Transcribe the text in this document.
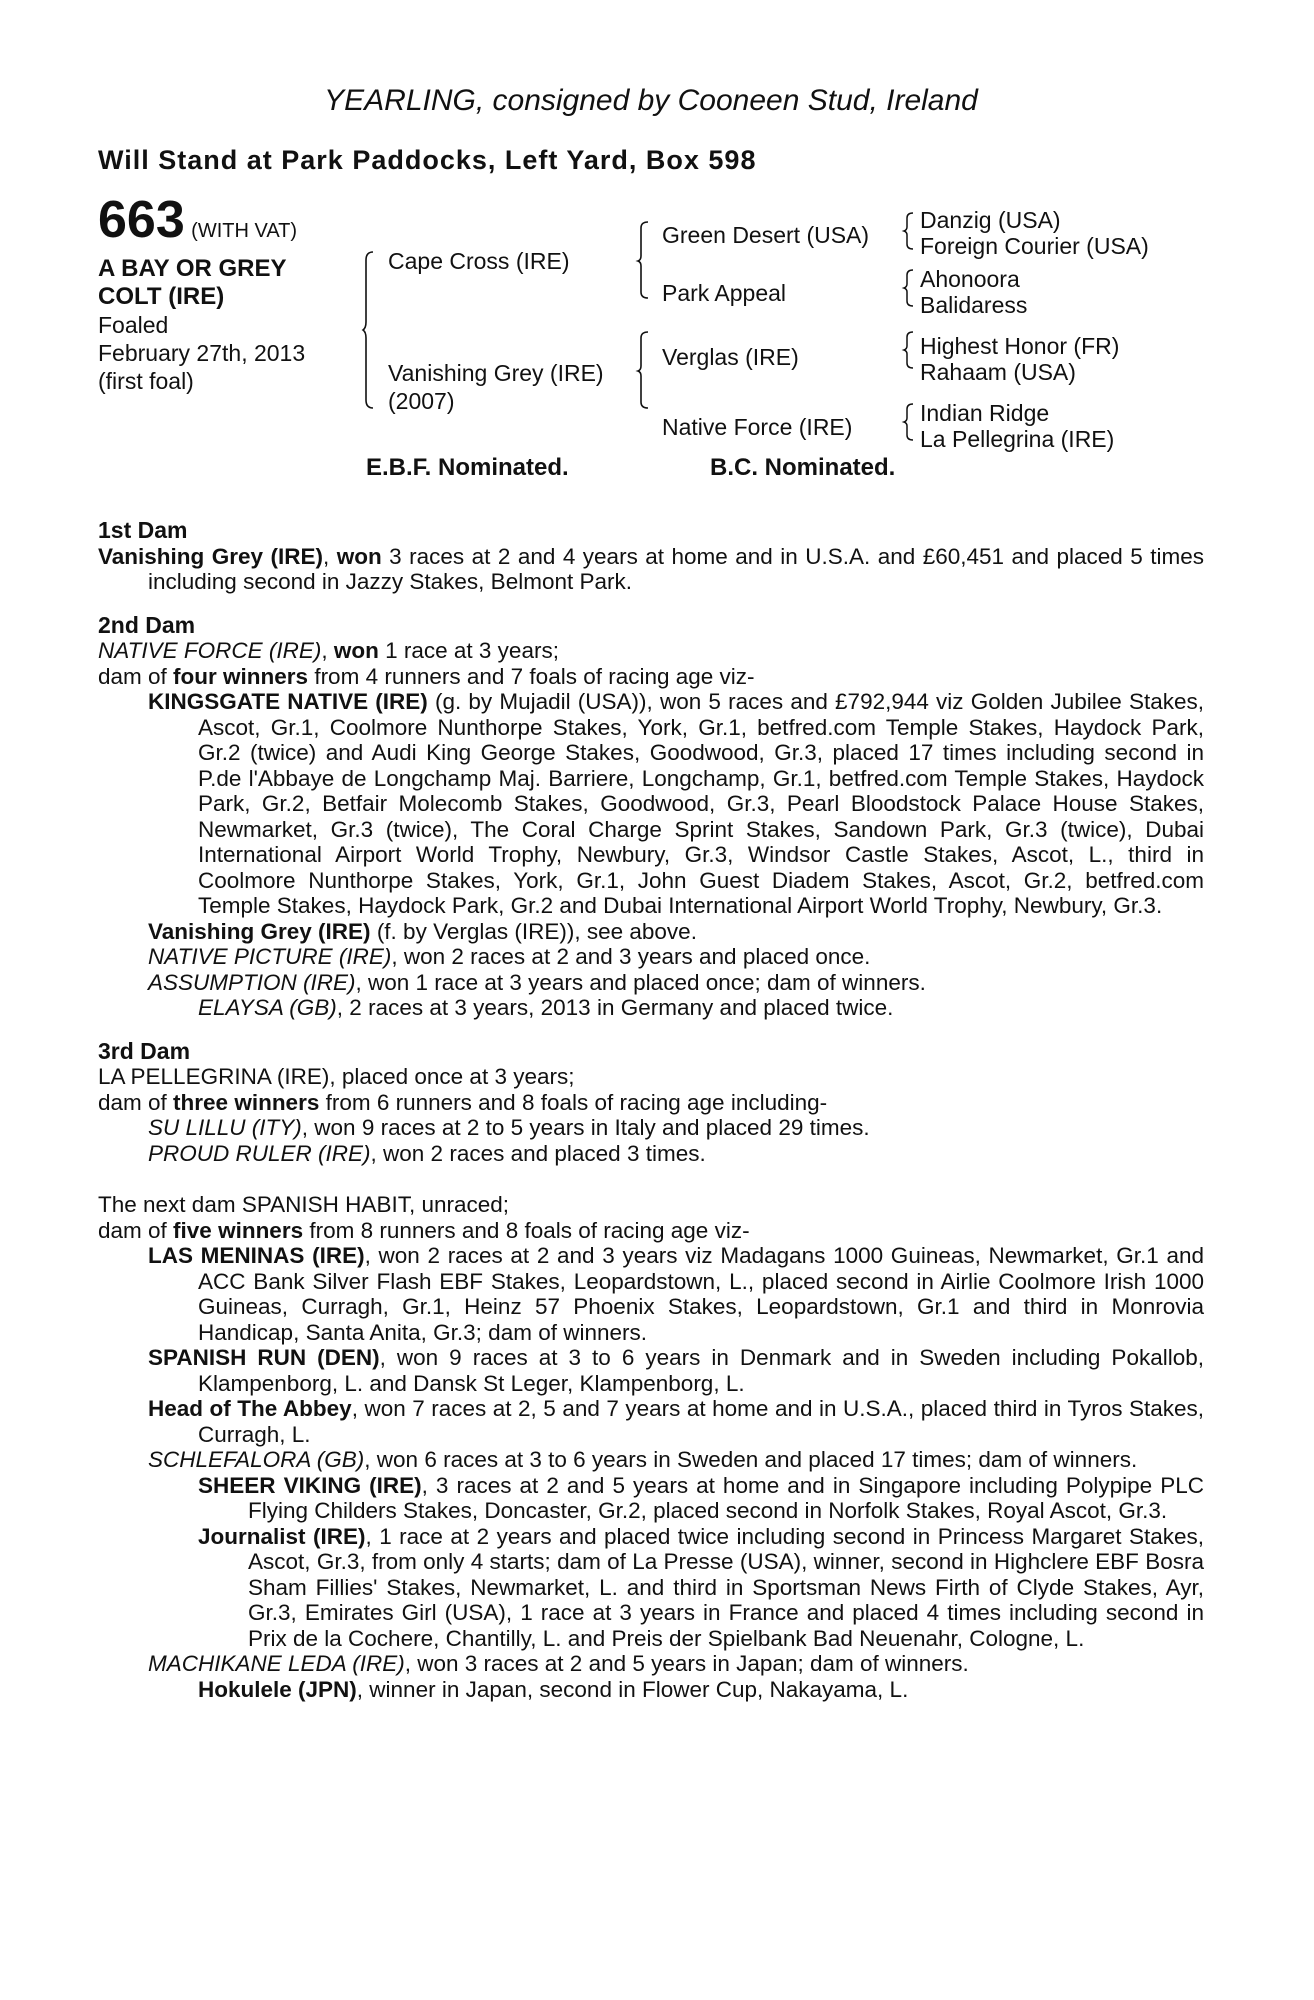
YEARLING, consigned by Cooneen Stud, Ireland
Will Stand at Park Paddocks, Left Yard, Box 598
663 (WITH VAT)
A BAY OR GREY
COLT (IRE)
Foaled
February 27th, 2013
(first foal)
Cape Cross (IRE)
Vanishing Grey (IRE)
(2007)
Green Desert (USA)
Park Appeal
Verglas (IRE)
Native Force (IRE)
Danzig (USA)
Foreign Courier (USA)
Ahonoora
Balidaress
Highest Honor (FR)
Rahaam (USA)
Indian Ridge
La Pellegrina (IRE)
E.B.F. Nominated.	B.C. Nominated.
1st Dam

Vanishing Grey (IRE), won 3 races at 2 and 4 years at home and in U.S.A. and £60,451 and placed 5 times including second in Jazzy Stakes, Belmont Park.

2nd Dam

NATIVE FORCE (IRE), won 1 race at 3 years;

dam of four winners from 4 runners and 7 foals of racing age viz-

KINGSGATE NATIVE (IRE) (g. by Mujadil (USA)), won 5 races and £792,944 viz Golden Jubilee Stakes, Ascot, Gr.1, Coolmore Nunthorpe Stakes, York, Gr.1, betfred.com Temple Stakes, Haydock Park, Gr.2 (twice) and Audi King George Stakes, Goodwood, Gr.3, placed 17 times including second in P.de l'Abbaye de Longchamp Maj. Barriere, Longchamp, Gr.1, betfred.com Temple Stakes, Haydock Park, Gr.2, Betfair Molecomb Stakes, Goodwood, Gr.3, Pearl Bloodstock Palace House Stakes, Newmarket, Gr.3 (twice), The Coral Charge Sprint Stakes, Sandown Park, Gr.3 (twice), Dubai International Airport World Trophy, Newbury, Gr.3, Windsor Castle Stakes, Ascot, L., third in Coolmore Nunthorpe Stakes, York, Gr.1, John Guest Diadem Stakes, Ascot, Gr.2, betfred.com Temple Stakes, Haydock Park, Gr.2 and Dubai International Airport World Trophy, Newbury, Gr.3.

Vanishing Grey (IRE) (f. by Verglas (IRE)), see above.

NATIVE PICTURE (IRE), won 2 races at 2 and 3 years and placed once.

ASSUMPTION (IRE), won 1 race at 3 years and placed once; dam of winners.

ELAYSA (GB), 2 races at 3 years, 2013 in Germany and placed twice.

3rd Dam

LA PELLEGRINA (IRE), placed once at 3 years;

dam of three winners from 6 runners and 8 foals of racing age including-

SU LILLU (ITY), won 9 races at 2 to 5 years in Italy and placed 29 times.

PROUD RULER (IRE), won 2 races and placed 3 times.

The next dam SPANISH HABIT, unraced;

dam of five winners from 8 runners and 8 foals of racing age viz-

LAS MENINAS (IRE), won 2 races at 2 and 3 years viz Madagans 1000 Guineas, Newmarket, Gr.1 and ACC Bank Silver Flash EBF Stakes, Leopardstown, L., placed second in Airlie Coolmore Irish 1000 Guineas, Curragh, Gr.1, Heinz 57 Phoenix Stakes, Leopardstown, Gr.1 and third in Monrovia Handicap, Santa Anita, Gr.3; dam of winners.

SPANISH RUN (DEN), won 9 races at 3 to 6 years in Denmark and in Sweden including Pokallob, Klampenborg, L. and Dansk St Leger, Klampenborg, L.

Head of The Abbey, won 7 races at 2, 5 and 7 years at home and in U.S.A., placed third in Tyros Stakes, Curragh, L.

SCHLEFALORA (GB), won 6 races at 3 to 6 years in Sweden and placed 17 times; dam of winners.

SHEER VIKING (IRE), 3 races at 2 and 5 years at home and in Singapore including Polypipe PLC Flying Childers Stakes, Doncaster, Gr.2, placed second in Norfolk Stakes, Royal Ascot, Gr.3.

Journalist (IRE), 1 race at 2 years and placed twice including second in Princess Margaret Stakes, Ascot, Gr.3, from only 4 starts; dam of La Presse (USA), winner, second in Highclere EBF Bosra Sham Fillies' Stakes, Newmarket, L. and third in Sportsman News Firth of Clyde Stakes, Ayr, Gr.3, Emirates Girl (USA), 1 race at 3 years in France and placed 4 times including second in Prix de la Cochere, Chantilly, L. and Preis der Spielbank Bad Neuenahr, Cologne, L.

MACHIKANE LEDA (IRE), won 3 races at 2 and 5 years in Japan; dam of winners.

Hokulele (JPN), winner in Japan, second in Flower Cup, Nakayama, L.
